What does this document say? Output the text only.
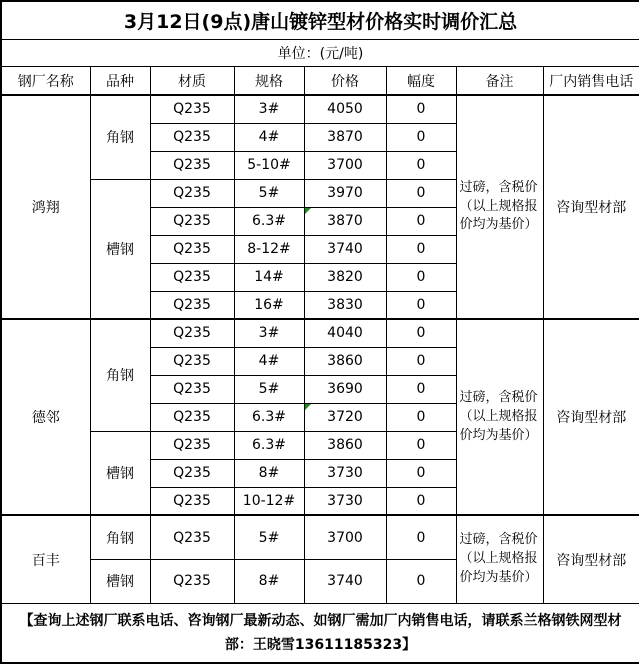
3月12日(9点)唐山镀锌型材价格实时调价汇总							
单位：(元/吨)							
钢厂名称	品种	材质	规格	价格	幅度	备注	厂内销售电话
鸿翔	角钢	Q235	3#	4050	0	过磅，含税价（以上规格报价均为基价）	咨询型材部
		Q235	4#	3870	0		
		Q235	5-10#	3700	0		
	槽钢	Q235	5#	3970	0		
		Q235	6.3#	3870	0		
		Q235	8-12#	3740	0		
		Q235	14#	3820	0		
		Q235	16#	3830	0		
德邻	角钢	Q235	3#	4040	0	过磅，含税价（以上规格报价均为基价）	咨询型材部
		Q235	4#	3860	0		
		Q235	5#	3690	0		
		Q235	6.3#	3720	0		
	槽钢	Q235	6.3#	3860	0		
		Q235	8#	3730	0		
		Q235	10-12#	3730	0		
百丰	角钢	Q235	5#	3700	0	过磅，含税价（以上规格报价均为基价）	咨询型材部
	槽钢	Q235	8#	3740	0		
【查询上述钢厂联系电话、咨询钢厂最新动态、如钢厂需加厂内销售电话，请联系兰格钢铁网型材部：王晓雪13611185323】							
